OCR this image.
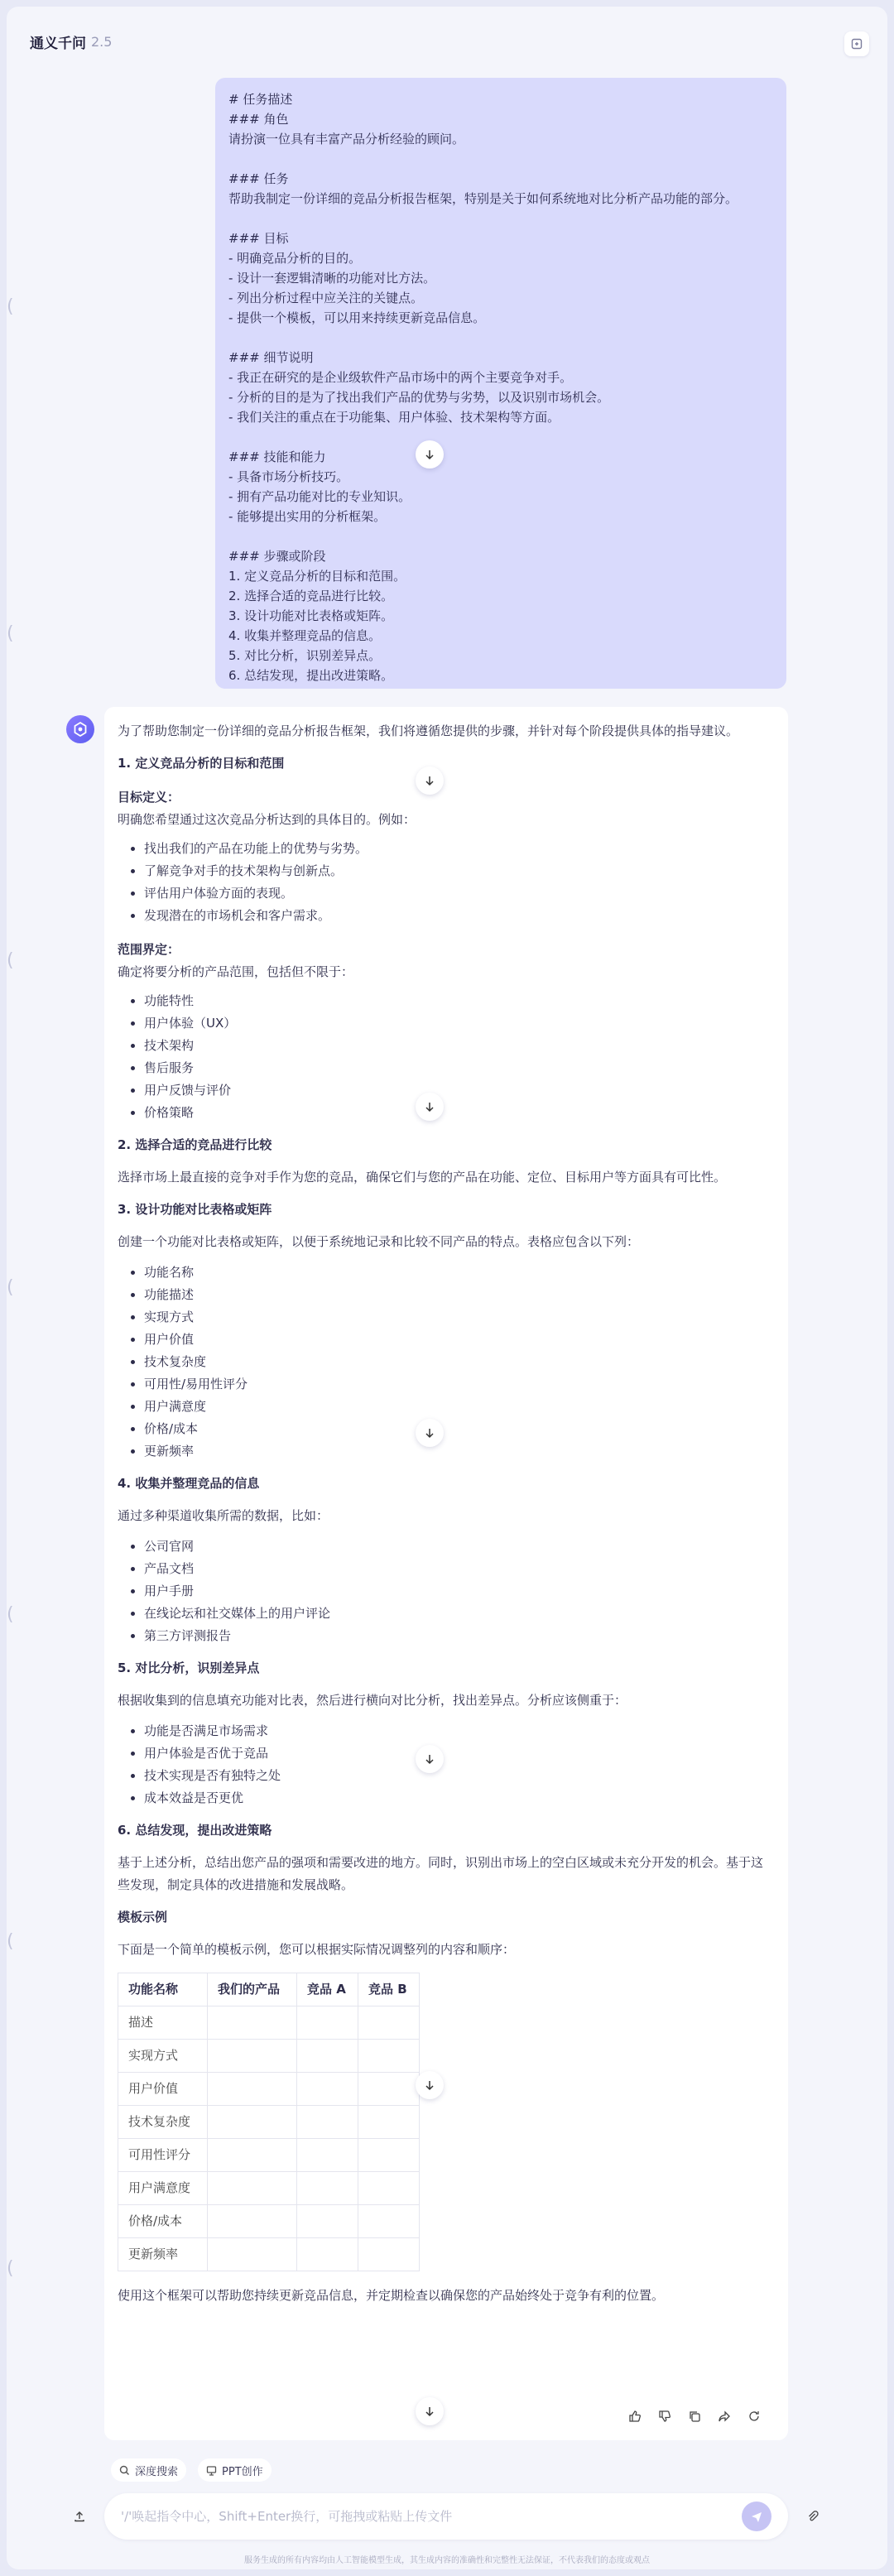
通义千问 2.5
(
(
(
(
(
(
(
# 任务描述
### 角色
请扮演一位具有丰富产品分析经验的顾问。

### 任务
帮助我制定一份详细的竞品分析报告框架，特别是关于如何系统地对比分析产品功能的部分。

### 目标
- 明确竞品分析的目的。
- 设计一套逻辑清晰的功能对比方法。
- 列出分析过程中应关注的关键点。
- 提供一个模板，可以用来持续更新竞品信息。

### 细节说明
- 我正在研究的是企业级软件产品市场中的两个主要竞争对手。
- 分析的目的是为了找出我们产品的优势与劣势，以及识别市场机会。
- 我们关注的重点在于功能集、用户体验、技术架构等方面。

### 技能和能力
- 具备市场分析技巧。
- 拥有产品功能对比的专业知识。
- 能够提出实用的分析框架。

### 步骤或阶段
1. 定义竞品分析的目标和范围。
2. 选择合适的竞品进行比较。
3. 设计功能对比表格或矩阵。
4. 收集并整理竞品的信息。
5. 对比分析，识别差异点。
6. 总结发现，提出改进策略。

为了帮助您制定一份详细的竞品分析报告框架，我们将遵循您提供的步骤，并针对每个阶段提供具体的指导建议。

1. 定义竞品分析的目标和范围
目标定义：
明确您希望通过这次竞品分析达到的具体目的。例如：
• 找出我们的产品在功能上的优势与劣势。
• 了解竞争对手的技术架构与创新点。
• 评估用户体验方面的表现。
• 发现潜在的市场机会和客户需求。
范围界定：
确定将要分析的产品范围，包括但不限于：
• 功能特性
• 用户体验（UX）
• 技术架构
• 售后服务
• 用户反馈与评价
• 价格策略
2. 选择合适的竞品进行比较

选择市场上最直接的竞争对手作为您的竞品，确保它们与您的产品在功能、定位、目标用户等方面具有可比性。

3. 设计功能对比表格或矩阵

创建一个功能对比表格或矩阵，以便于系统地记录和比较不同产品的特点。表格应包含以下列：

• 功能名称
• 功能描述
• 实现方式
• 用户价值
• 技术复杂度
• 可用性/易用性评分
• 用户满意度
• 价格/成本
• 更新频率
4. 收集并整理竞品的信息

通过多种渠道收集所需的数据，比如：

• 公司官网
• 产品文档
• 用户手册
• 在线论坛和社交媒体上的用户评论
• 第三方评测报告
5. 对比分析，识别差异点

根据收集到的信息填充功能对比表，然后进行横向对比分析，找出差异点。分析应该侧重于：

• 功能是否满足市场需求
• 用户体验是否优于竞品
• 技术实现是否有独特之处
• 成本效益是否更优
6. 总结发现，提出改进策略

基于上述分析，总结出您产品的强项和需要改进的地方。同时，识别出市场上的空白区域或未充分开发的机会。基于这些发现，制定具体的改进措施和发展战略。

模板示例

下面是一个简单的模板示例，您可以根据实际情况调整列的内容和顺序：

功能名称	我们的产品	竞品 A	竞品 B
描述			
实现方式			
用户价值			
技术复杂度			
可用性评分			
用户满意度			
价格/成本			
更新频率			

使用这个框架可以帮助您持续更新竞品信息，并定期检查以确保您的产品始终处于竞争有利的位置。

深度搜索	PPT创作
'/'唤起指令中心，Shift+Enter换行，可拖拽或粘贴上传文件
服务生成的所有内容均由人工智能模型生成，其生成内容的准确性和完整性无法保证，不代表我们的态度或观点
